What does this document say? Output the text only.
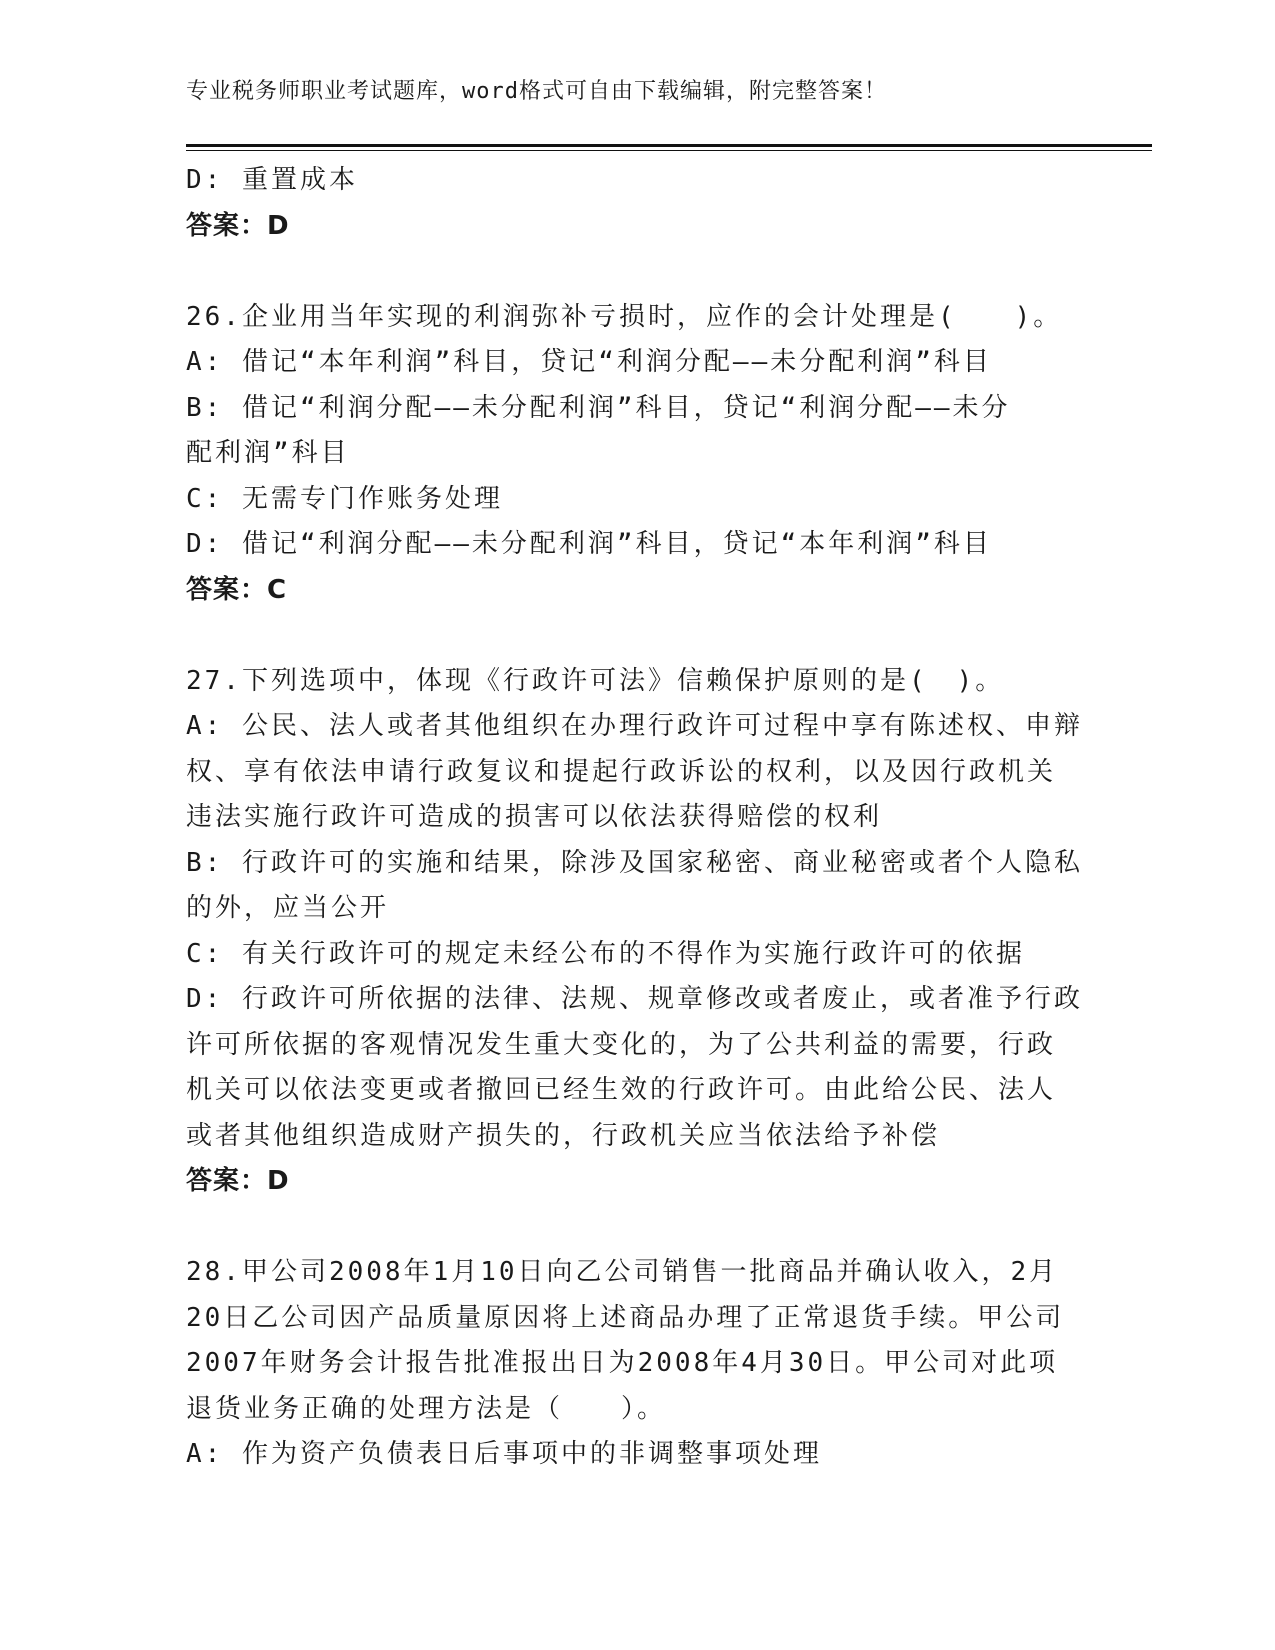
专业税务师职业考试题库，word格式可自由下载编辑，附完整答案！
D: 重置成本
答案：D
26.企业用当年实现的利润弥补亏损时，应作的会计处理是(　　)。
A: 借记“本年利润”科目，贷记“利润分配——未分配利润”科目
B: 借记“利润分配——未分配利润”科目，贷记“利润分配——未分
配利润”科目
C: 无需专门作账务处理
D: 借记“利润分配——未分配利润”科目，贷记“本年利润”科目
答案：C
27.下列选项中，体现《行政许可法》信赖保护原则的是(　)。
A: 公民、法人或者其他组织在办理行政许可过程中享有陈述权、申辩
权、享有依法申请行政复议和提起行政诉讼的权利，以及因行政机关
违法实施行政许可造成的损害可以依法获得赔偿的权利
B: 行政许可的实施和结果，除涉及国家秘密、商业秘密或者个人隐私
的外，应当公开
C: 有关行政许可的规定未经公布的不得作为实施行政许可的依据
D: 行政许可所依据的法律、法规、规章修改或者废止，或者准予行政
许可所依据的客观情况发生重大变化的，为了公共利益的需要，行政
机关可以依法变更或者撤回已经生效的行政许可。由此给公民、法人
或者其他组织造成财产损失的，行政机关应当依法给予补偿
答案：D
28.甲公司2008年1月10日向乙公司销售一批商品并确认收入，2月
20日乙公司因产品质量原因将上述商品办理了正常退货手续。甲公司
2007年财务会计报告批准报出日为2008年4月30日。甲公司对此项
退货业务正确的处理方法是（　　）。
A: 作为资产负债表日后事项中的非调整事项处理
